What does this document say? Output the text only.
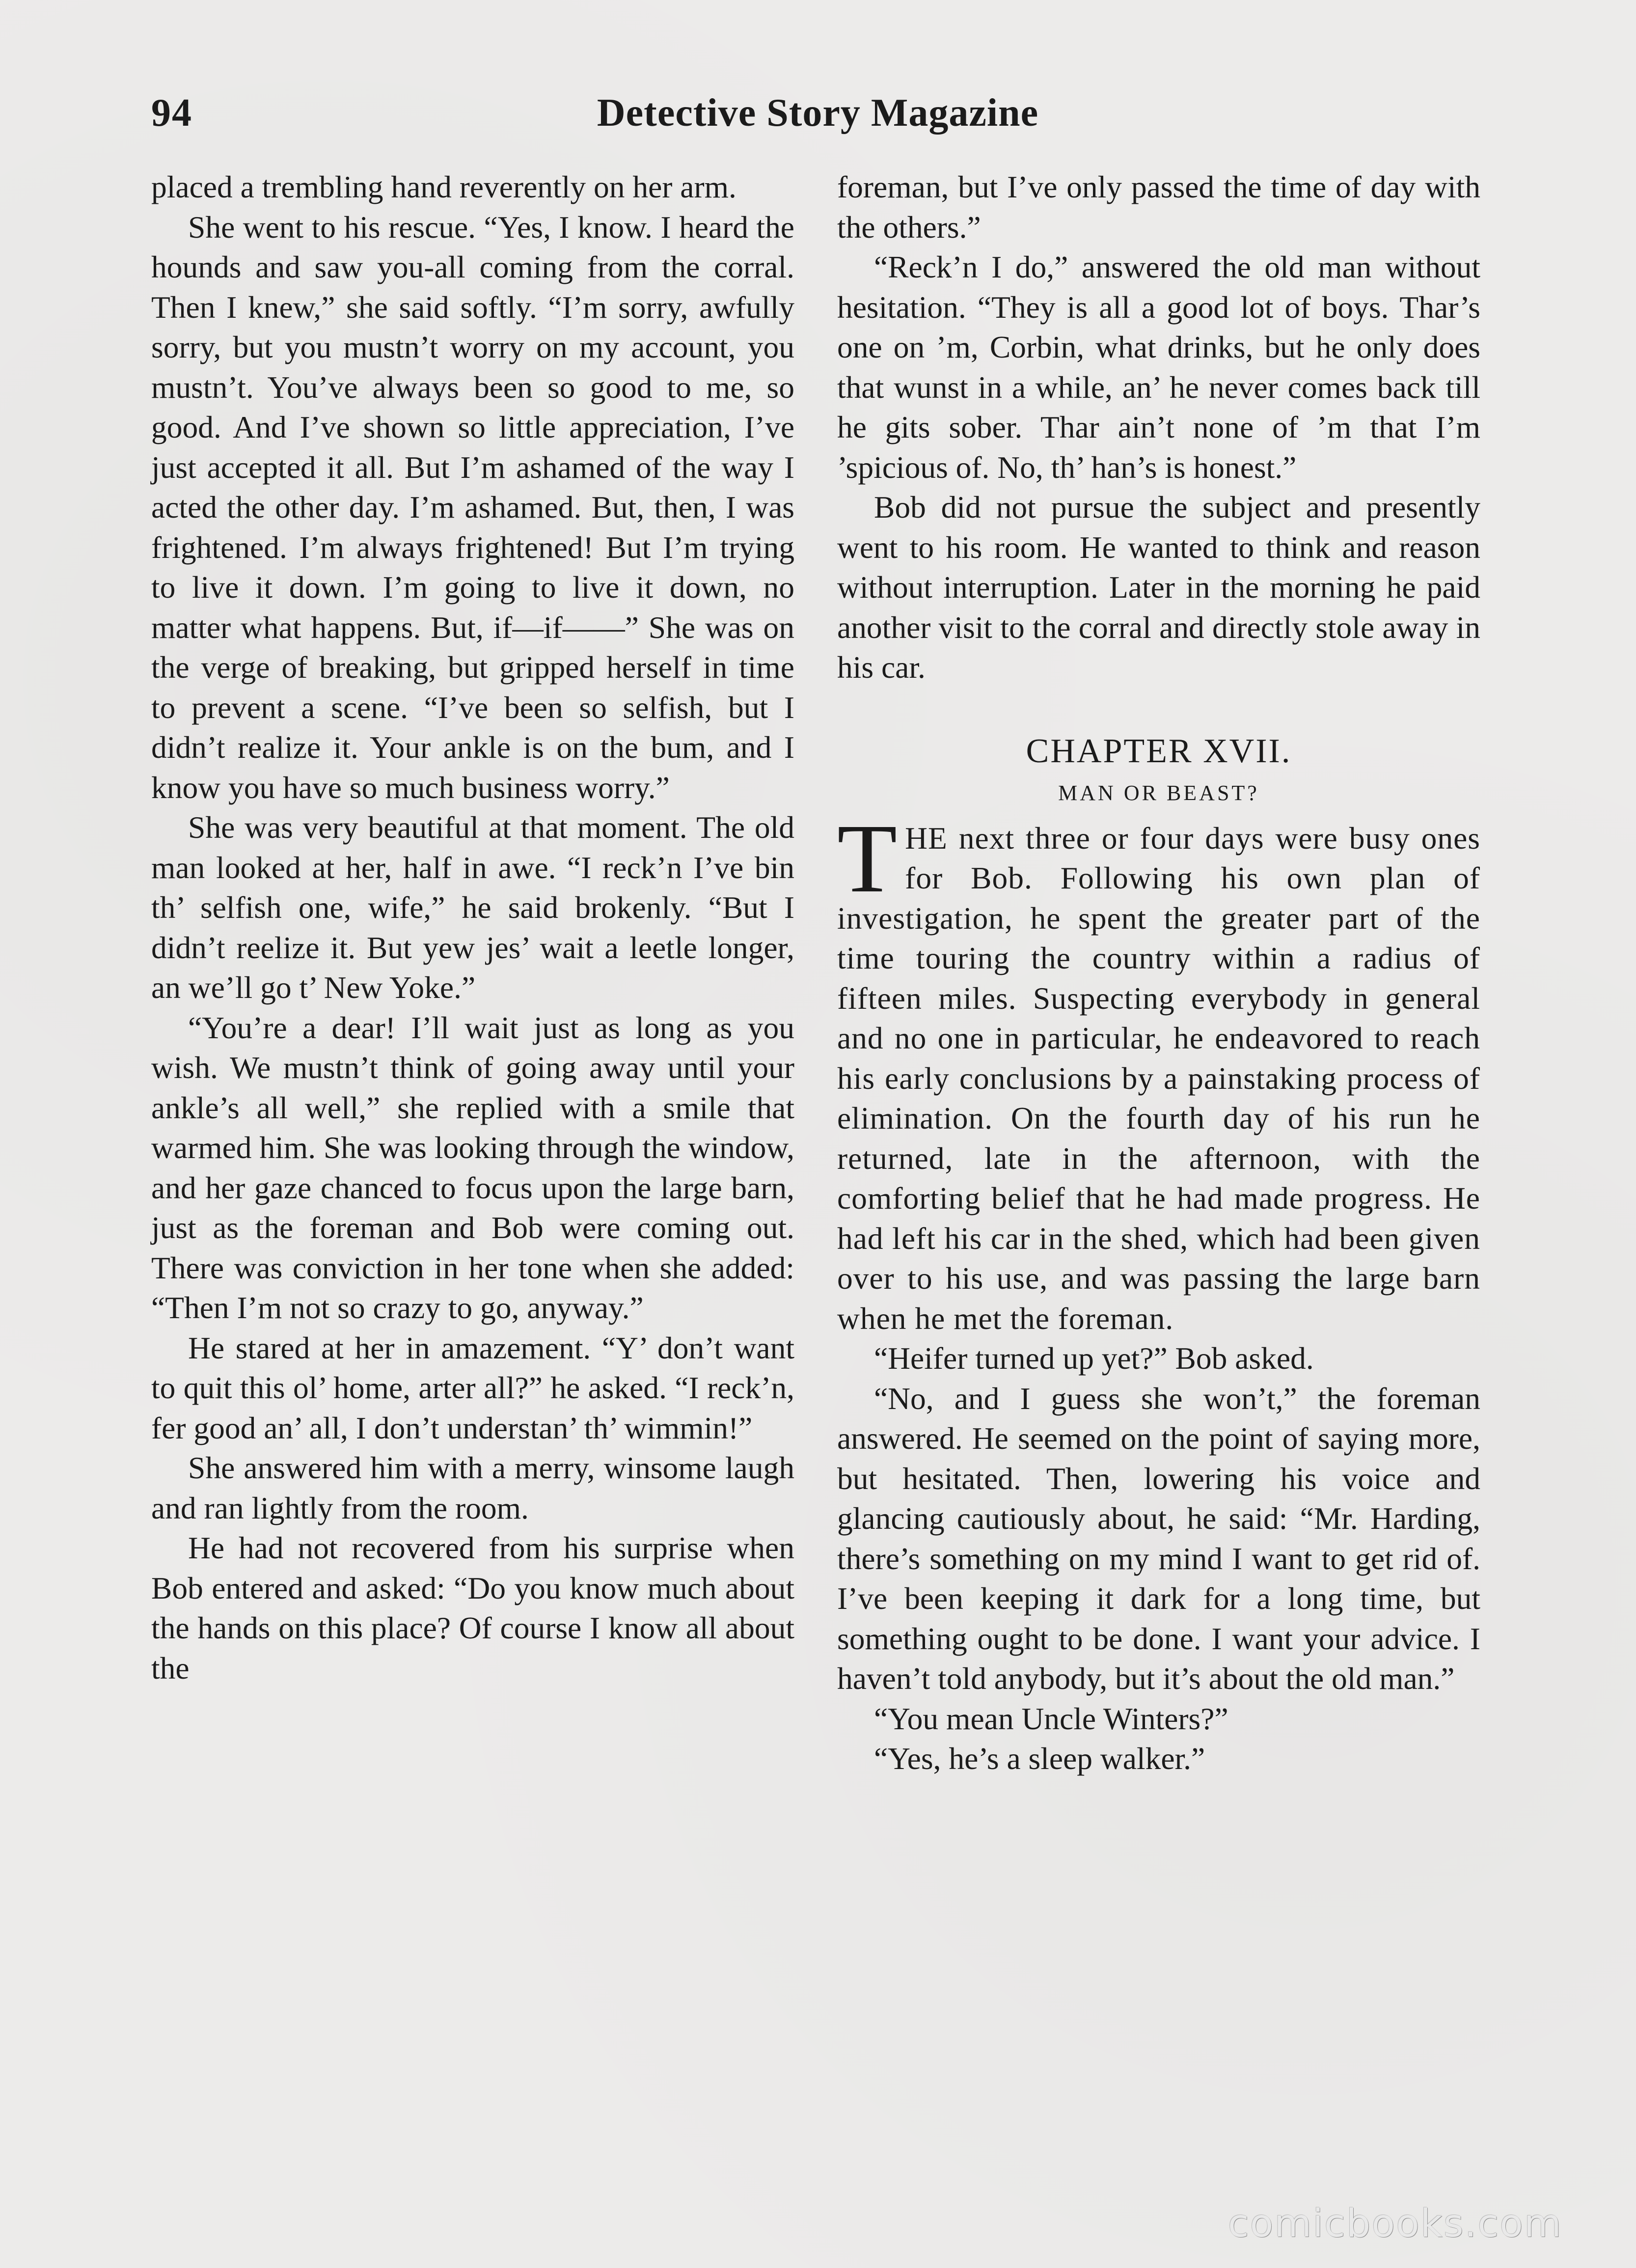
94	Detective Story Magazine

placed a trembling hand reverently on her arm.

She went to his rescue. “Yes, I know. I heard the hounds and saw you-all coming from the corral. Then I knew,” she said softly. “I’m sorry, awfully sorry, but you mustn’t worry on my account, you mustn’t. You’ve always been so good to me, so good. And I’ve shown so little appreciation, I’ve just accepted it all. But I’m ashamed of the way I acted the other day. I’m ashamed. But, then, I was frightened. I’m always frightened! But I’m trying to live it down. I’m going to live it down, no matter what happens. But, if—if——” She was on the verge of breaking, but gripped herself in time to prevent a scene. “I’ve been so selfish, but I didn’t realize it. Your ankle is on the bum, and I know you have so much business worry.”

She was very beautiful at that moment. The old man looked at her, half in awe. “I reck’n I’ve bin th’ selfish one, wife,” he said brokenly. “But I didn’t reelize it. But yew jes’ wait a leetle longer, an we’ll go t’ New Yoke.”

“You’re a dear! I’ll wait just as long as you wish. We mustn’t think of going away until your ankle’s all well,” she replied with a smile that warmed him. She was looking through the window, and her gaze chanced to focus upon the large barn, just as the foreman and Bob were coming out. There was conviction in her tone when she added: “Then I’m not so crazy to go, anyway.”

He stared at her in amazement. “Y’ don’t want to quit this ol’ home, arter all?” he asked. “I reck’n, fer good an’ all, I don’t understan’ th’ wimmin!”

She answered him with a merry, winsome laugh and ran lightly from the room.

He had not recovered from his surprise when Bob entered and asked: “Do you know much about the hands on this place? Of course I know all about the

foreman, but I’ve only passed the time of day with the others.”

“Reck’n I do,” answered the old man without hesitation. “They is all a good lot of boys. Thar’s one on ’m, Corbin, what drinks, but he only does that wunst in a while, an’ he never comes back till he gits sober. Thar ain’t none of ’m that I’m ’spicious of. No, th’ han’s is honest.”

Bob did not pursue the subject and presently went to his room. He wanted to think and reason without interruption. Later in the morning he paid another visit to the corral and directly stole away in his car.

CHAPTER XVII.
MAN OR BEAST?

THE next three or four days were busy ones for Bob. Following his own plan of investigation, he spent the greater part of the time touring the country within a radius of fifteen miles. Suspecting everybody in general and no one in particular, he endeavored to reach his early conclusions by a painstaking process of elimination. On the fourth day of his run he returned, late in the afternoon, with the comforting belief that he had made progress. He had left his car in the shed, which had been given over to his use, and was passing the large barn when he met the foreman.

“Heifer turned up yet?” Bob asked.

“No, and I guess she won’t,” the foreman answered. He seemed on the point of saying more, but hesitated. Then, lowering his voice and glancing cautiously about, he said: “Mr. Harding, there’s something on my mind I want to get rid of. I’ve been keeping it dark for a long time, but something ought to be done. I want your advice. I haven’t told anybody, but it’s about the old man.”

“You mean Uncle Winters?”

“Yes, he’s a sleep walker.”

comicbooks.com
